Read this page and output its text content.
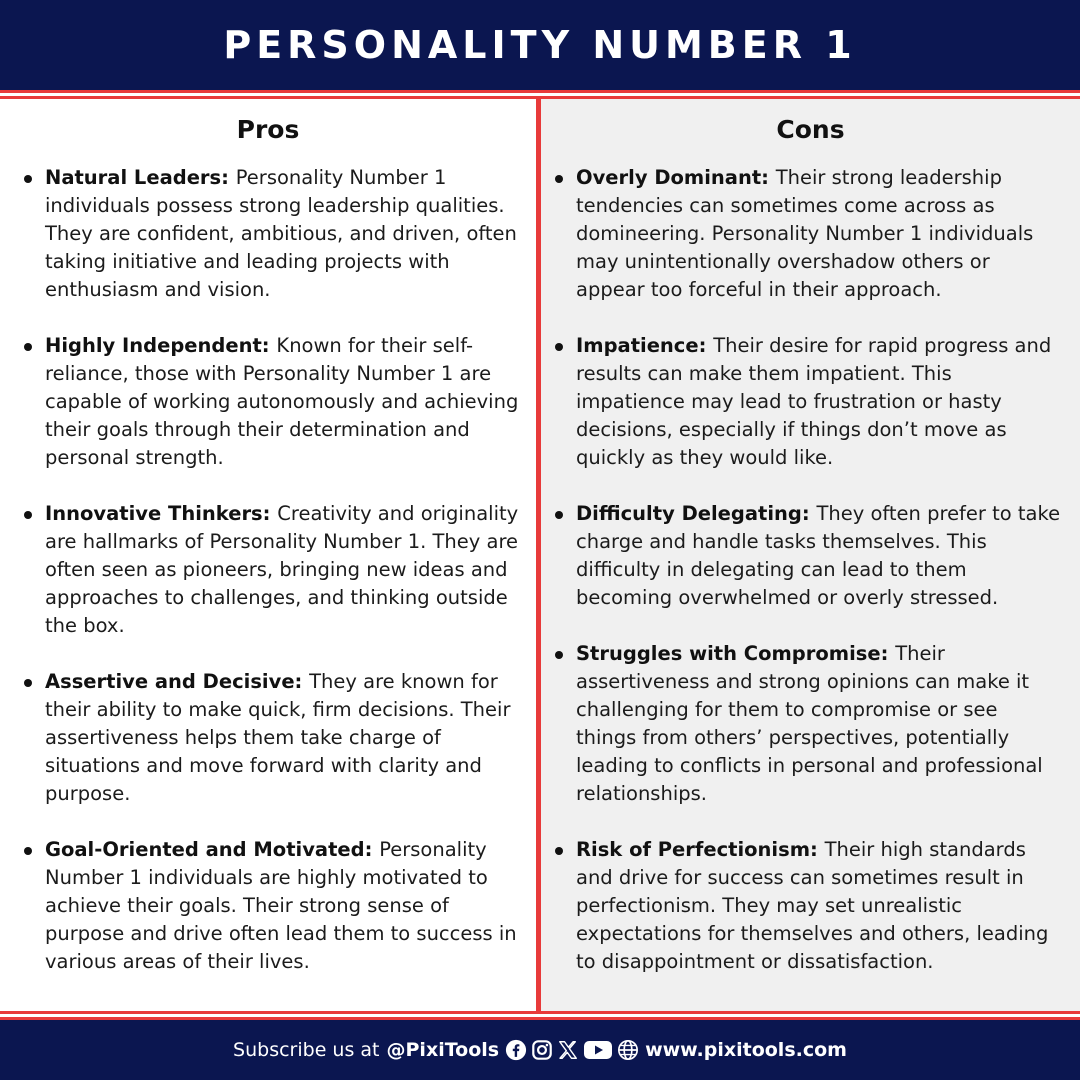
PERSONALITY NUMBER 1
Pros
Natural Leaders: Personality Number 1 individuals possess strong leadership qualities. They are confident, ambitious, and driven, often taking initiative and leading projects with enthusiasm and vision.
Highly Independent: Known for their self-reliance, those with Personality Number 1 are capable of working autonomously and achieving their goals through their determination and personal strength.
Innovative Thinkers: Creativity and originality are hallmarks of Personality Number 1. They are often seen as pioneers, bringing new ideas and approaches to challenges, and thinking outside the box.
Assertive and Decisive: They are known for their ability to make quick, firm decisions. Their assertiveness helps them take charge of situations and move forward with clarity and purpose.
Goal-Oriented and Motivated: Personality Number 1 individuals are highly motivated to achieve their goals. Their strong sense of purpose and drive often lead them to success in various areas of their lives.
Cons
Overly Dominant: Their strong leadership tendencies can sometimes come across as domineering. Personality Number 1 individuals may unintentionally overshadow others or appear too forceful in their approach.
Impatience: Their desire for rapid progress and results can make them impatient. This impatience may lead to frustration or hasty decisions, especially if things don’t move as quickly as they would like.
Difficulty Delegating: They often prefer to take charge and handle tasks themselves. This difficulty in delegating can lead to them becoming overwhelmed or overly stressed.
Struggles with Compromise: Their assertiveness and strong opinions can make it challenging for them to compromise or see things from others’ perspectives, potentially leading to conflicts in personal and professional relationships.
Risk of Perfectionism: Their high standards and drive for success can sometimes result in perfectionism. They may set unrealistic expectations for themselves and others, leading to disappointment or dissatisfaction.
Subscribe us at @PixiTools	www.pixitools.com
